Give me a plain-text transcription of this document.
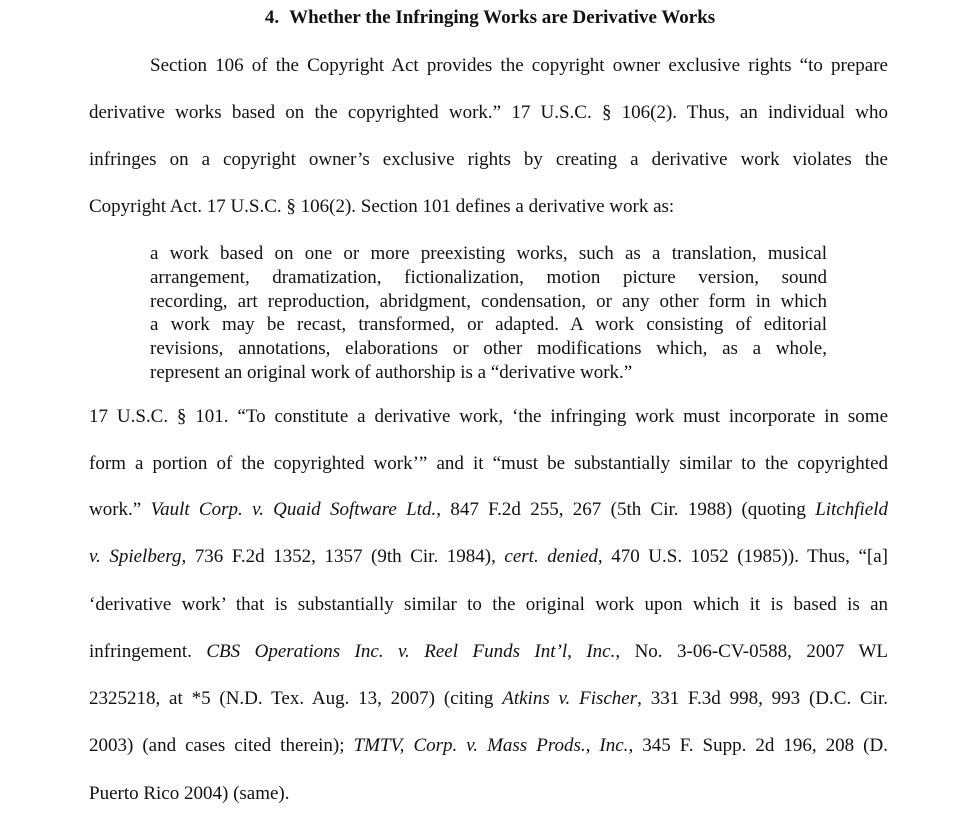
4. Whether the Infringing Works are Derivative Works
Section 106 of the Copyright Act provides the copyright owner exclusive rights “to prepare
derivative works based on the copyrighted work.” 17 U.S.C. § 106(2). Thus, an individual who
infringes on a copyright owner’s exclusive rights by creating a derivative work violates the
Copyright Act. 17 U.S.C. § 106(2). Section 101 defines a derivative work as:
a work based on one or more preexisting works, such as a translation, musical
arrangement, dramatization, fictionalization, motion picture version, sound
recording, art reproduction, abridgment, condensation, or any other form in which
a work may be recast, transformed, or adapted. A work consisting of editorial
revisions, annotations, elaborations or other modifications which, as a whole,
represent an original work of authorship is a “derivative work.”
17 U.S.C. § 101. “To constitute a derivative work, ‘the infringing work must incorporate in some
form a portion of the copyrighted work’” and it “must be substantially similar to the copyrighted
work.” Vault Corp. v. Quaid Software Ltd., 847 F.2d 255, 267 (5th Cir. 1988) (quoting Litchfield
v. Spielberg, 736 F.2d 1352, 1357 (9th Cir. 1984), cert. denied, 470 U.S. 1052 (1985)). Thus, “[a]
‘derivative work’ that is substantially similar to the original work upon which it is based is an
infringement. CBS Operations Inc. v. Reel Funds Int’l, Inc., No. 3-06-CV-0588, 2007 WL
2325218, at *5 (N.D. Tex. Aug. 13, 2007) (citing Atkins v. Fischer, 331 F.3d 998, 993 (D.C. Cir.
2003) (and cases cited therein); TMTV, Corp. v. Mass Prods., Inc., 345 F. Supp. 2d 196, 208 (D.
Puerto Rico 2004) (same).
